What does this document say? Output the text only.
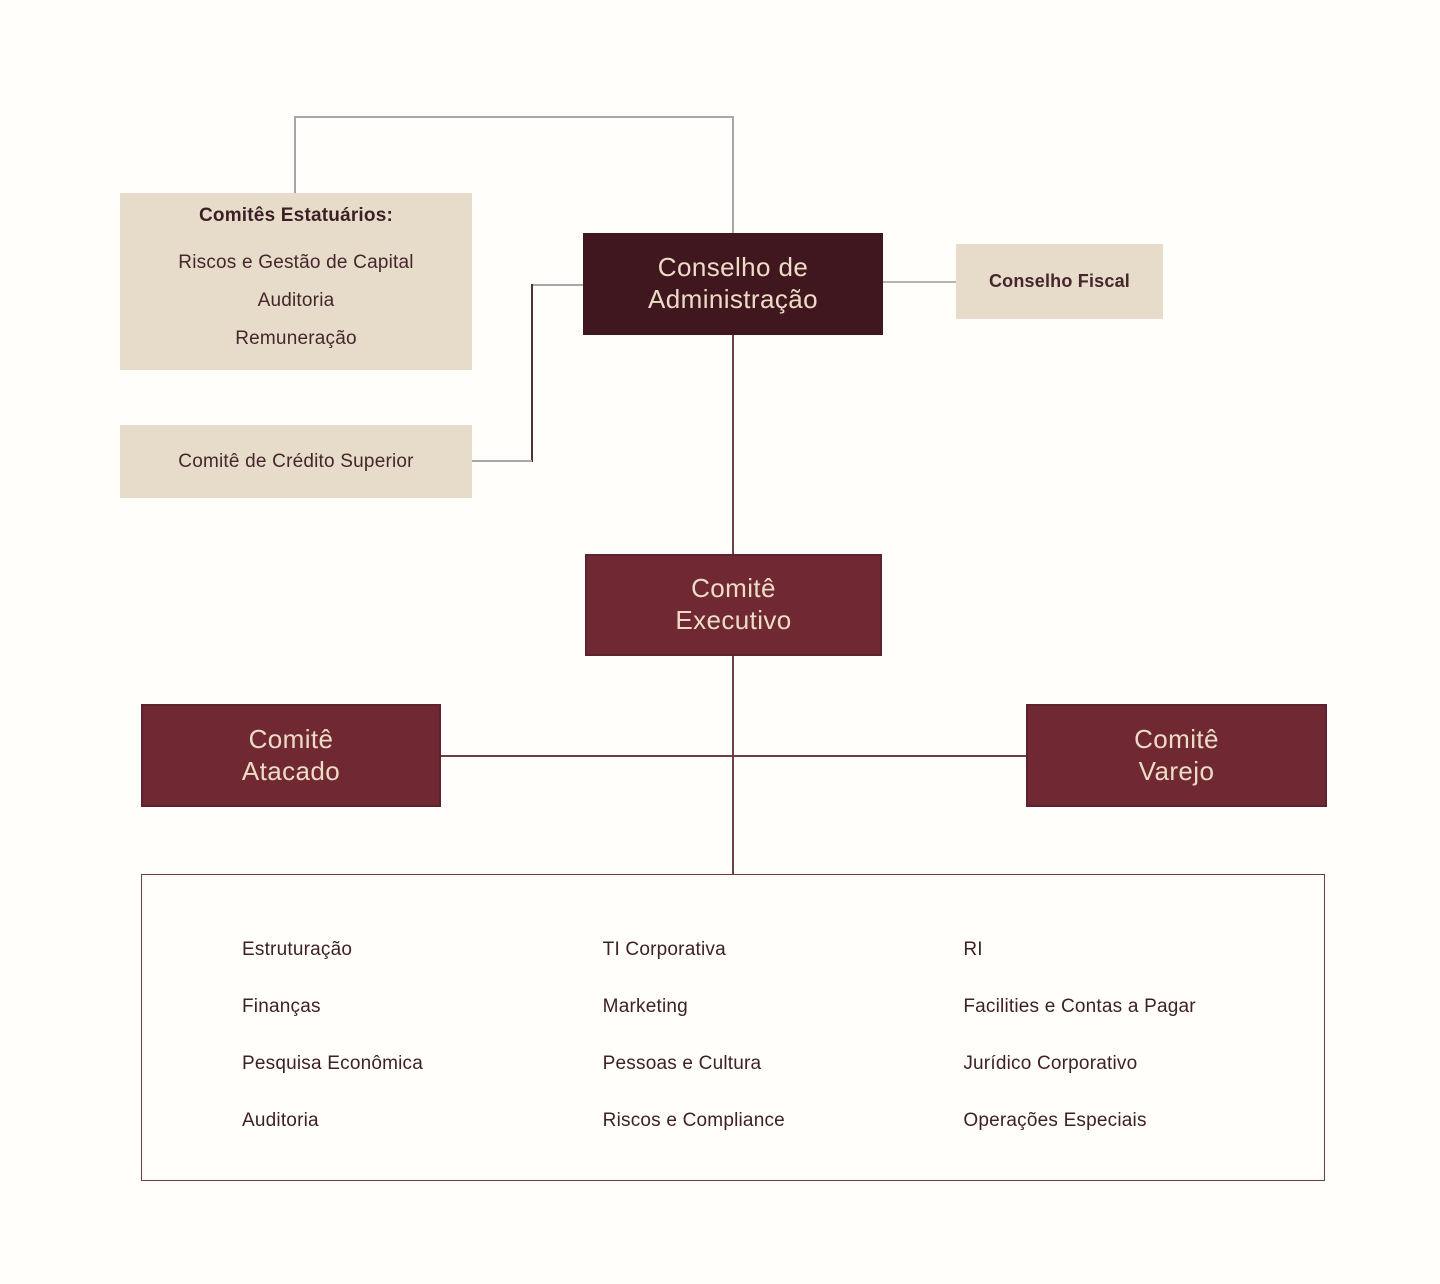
Comitês Estatuários:
Riscos e Gestão de Capital
Auditoria
Remuneração
Comitê de Crédito Superior
Conselho Fiscal
Conselho de
Administração
Comitê
Executivo
Comitê
Atacado
Comitê
Varejo
Estruturação
Finanças
Pesquisa Econômica
Auditoria
TI Corporativa
Marketing
Pessoas e Cultura
Riscos e Compliance
RI
Facilities e Contas a Pagar
Jurídico Corporativo
Operações Especiais
